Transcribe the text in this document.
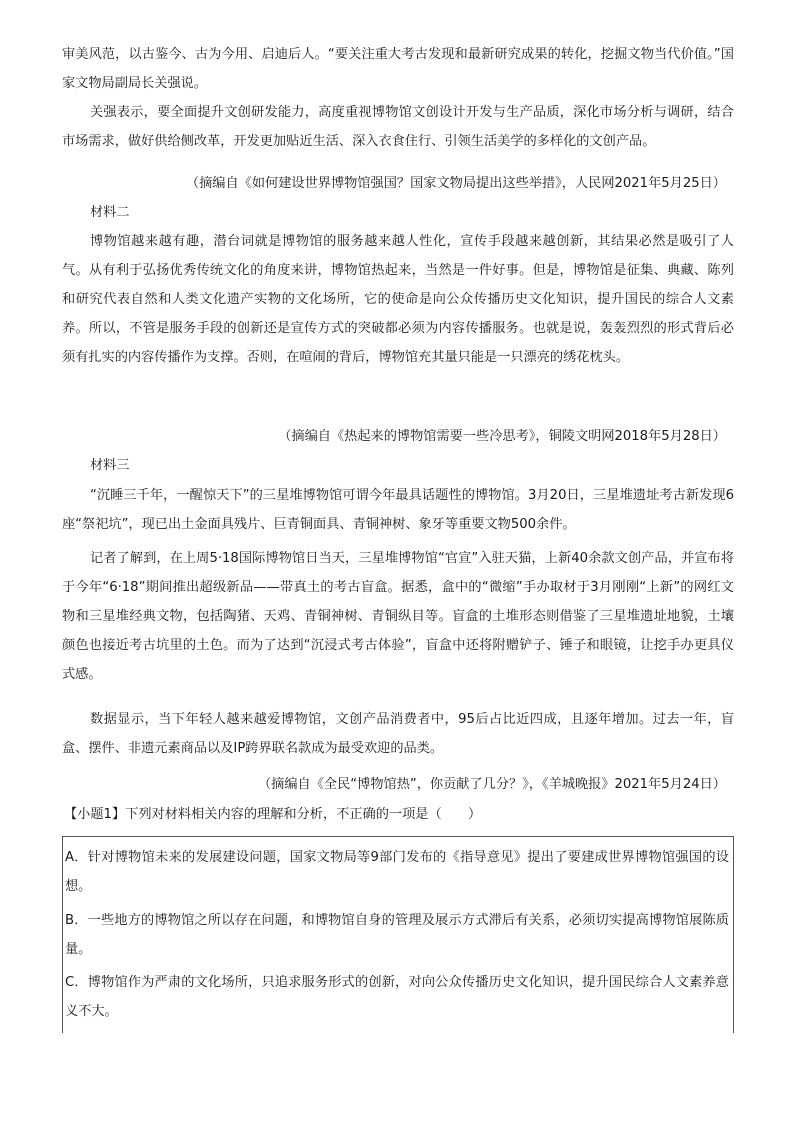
审美风范，以古鉴今、古为今用、启迪后人。“要关注重大考古发现和最新研究成果的转化，挖掘文物当代价值。”国家文物局副局长关强说。

关强表示，要全面提升文创研发能力，高度重视博物馆文创设计开发与生产品质，深化市场分析与调研，结合市场需求，做好供给侧改革，开发更加贴近生活、深入衣食住行、引领生活美学的多样化的文创产品。

（摘编自《如何建设世界博物馆强国？国家文物局提出这些举措》，人民网2021年5月25日）

材料二

博物馆越来越有趣，潜台词就是博物馆的服务越来越人性化，宣传手段越来越创新，其结果必然是吸引了人气。从有利于弘扬优秀传统文化的角度来讲，博物馆热起来，当然是一件好事。但是，博物馆是征集、典藏、陈列和研究代表自然和人类文化遗产实物的文化场所，它的使命是向公众传播历史文化知识，提升国民的综合人文素养。所以，不管是服务手段的创新还是宣传方式的突破都必须为内容传播服务。也就是说，轰轰烈烈的形式背后必须有扎实的内容传播作为支撑。否则，在喧闹的背后，博物馆充其量只能是一只漂亮的绣花枕头。

（摘编自《热起来的博物馆需要一些冷思考》，铜陵文明网2018年5月28日）

材料三

“沉睡三千年，一醒惊天下”的三星堆博物馆可谓今年最具话题性的博物馆。3月20日，三星堆遗址考古新发现6座“祭祀坑”，现已出土金面具残片、巨青铜面具、青铜神树、象牙等重要文物500余件。

记者了解到，在上周5·18国际博物馆日当天，三星堆博物馆“官宣”入驻天猫，上新40余款文创产品，并宣布将于今年“6·18”期间推出超级新品——带真土的考古盲盒。据悉，盒中的“微缩”手办取材于3月刚刚“上新”的网红文物和三星堆经典文物，包括陶猪、天鸡、青铜神树、青铜纵目等。盲盒的土堆形态则借鉴了三星堆遗址地貌，土壤颜色也接近考古坑里的土色。而为了达到“沉浸式考古体验”，盲盒中还将附赠铲子、锤子和眼镜，让挖手办更具仪式感。

数据显示，当下年轻人越来越爱博物馆，文创产品消费者中，95后占比近四成，且逐年增加。过去一年，盲盒、摆件、非遗元素商品以及IP跨界联名款成为最受欢迎的品类。

（摘编自《全民“博物馆热”，你贡献了几分？》，《羊城晚报》2021年5月24日）

【小题1】下列对材料相关内容的理解和分析，不正确的一项是（　　）

A．针对博物馆未来的发展建设问题，国家文物局等9部门发布的《指导意见》提出了要建成世界博物馆强国的设想。

B．一些地方的博物馆之所以存在问题，和博物馆自身的管理及展示方式滞后有关系，必须切实提高博物馆展陈质量。

C．博物馆作为严肃的文化场所，只追求服务形式的创新，对向公众传播历史文化知识，提升国民综合人文素养意义不大。
